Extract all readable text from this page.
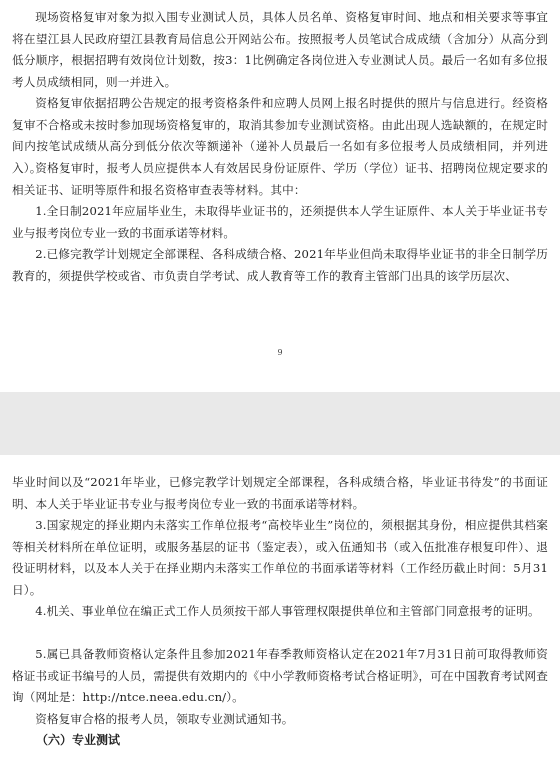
现场资格复审对象为拟入围专业测试人员，具体人员名单、资格复审时间、地点和相关要求等事宜将在望江县人民政府望江县教育局信息公开网站公布。按照报考人员笔试合成成绩（含加分）从高分到低分顺序，根据招聘有效岗位计划数，按3：1比例确定各岗位进入专业测试人员。最后一名如有多位报考人员成绩相同，则一并进入。

资格复审依据招聘公告规定的报考资格条件和应聘人员网上报名时提供的照片与信息进行。经资格复审不合格或未按时参加现场资格复审的，取消其参加专业测试资格。由此出现人选缺额的，在规定时间内按笔试成绩从高分到低分依次等额递补（递补人员最后一名如有多位报考人员成绩相同，并列进入）。

资格复审时，报考人员应提供本人有效居民身份证原件、学历（学位）证书、招聘岗位规定要求的相关证书、证明等原件和报名资格审查表等材料。其中：

1.全日制2021年应届毕业生，未取得毕业证书的，还须提供本人学生证原件、本人关于毕业证书专业与报考岗位专业一致的书面承诺等材料。

2.已修完教学计划规定全部课程、各科成绩合格、2021年毕业但尚未取得毕业证书的非全日制学历教育的，须提供学校或省、市负责自学考试、成人教育等工作的教育主管部门出具的该学历层次、

9

毕业时间以及“2021年毕业，已修完教学计划规定全部课程，各科成绩合格，毕业证书待发”的书面证明、本人关于毕业证书专业与报考岗位专业一致的书面承诺等材料。

3.国家规定的择业期内未落实工作单位报考“高校毕业生”岗位的，须根据其身份，相应提供其档案等相关材料所在单位证明，或服务基层的证书（鉴定表），或入伍通知书（或入伍批准存根复印件）、退役证明材料，以及本人关于在择业期内未落实工作单位的书面承诺等材料（工作经历截止时间：5月31日）。

4.机关、事业单位在编正式工作人员须按干部人事管理权限提供单位和主管部门同意报考的证明。

5.属已具备教师资格认定条件且参加2021年春季教师资格认定在2021年7月31日前可取得教师资格证书或证书编号的人员，需提供有效期内的《中小学教师资格考试合格证明》，可在中国教育考试网查询（网址是：http://ntce.neea.edu.cn/）。

资格复审合格的报考人员，领取专业测试通知书。

（六）专业测试
